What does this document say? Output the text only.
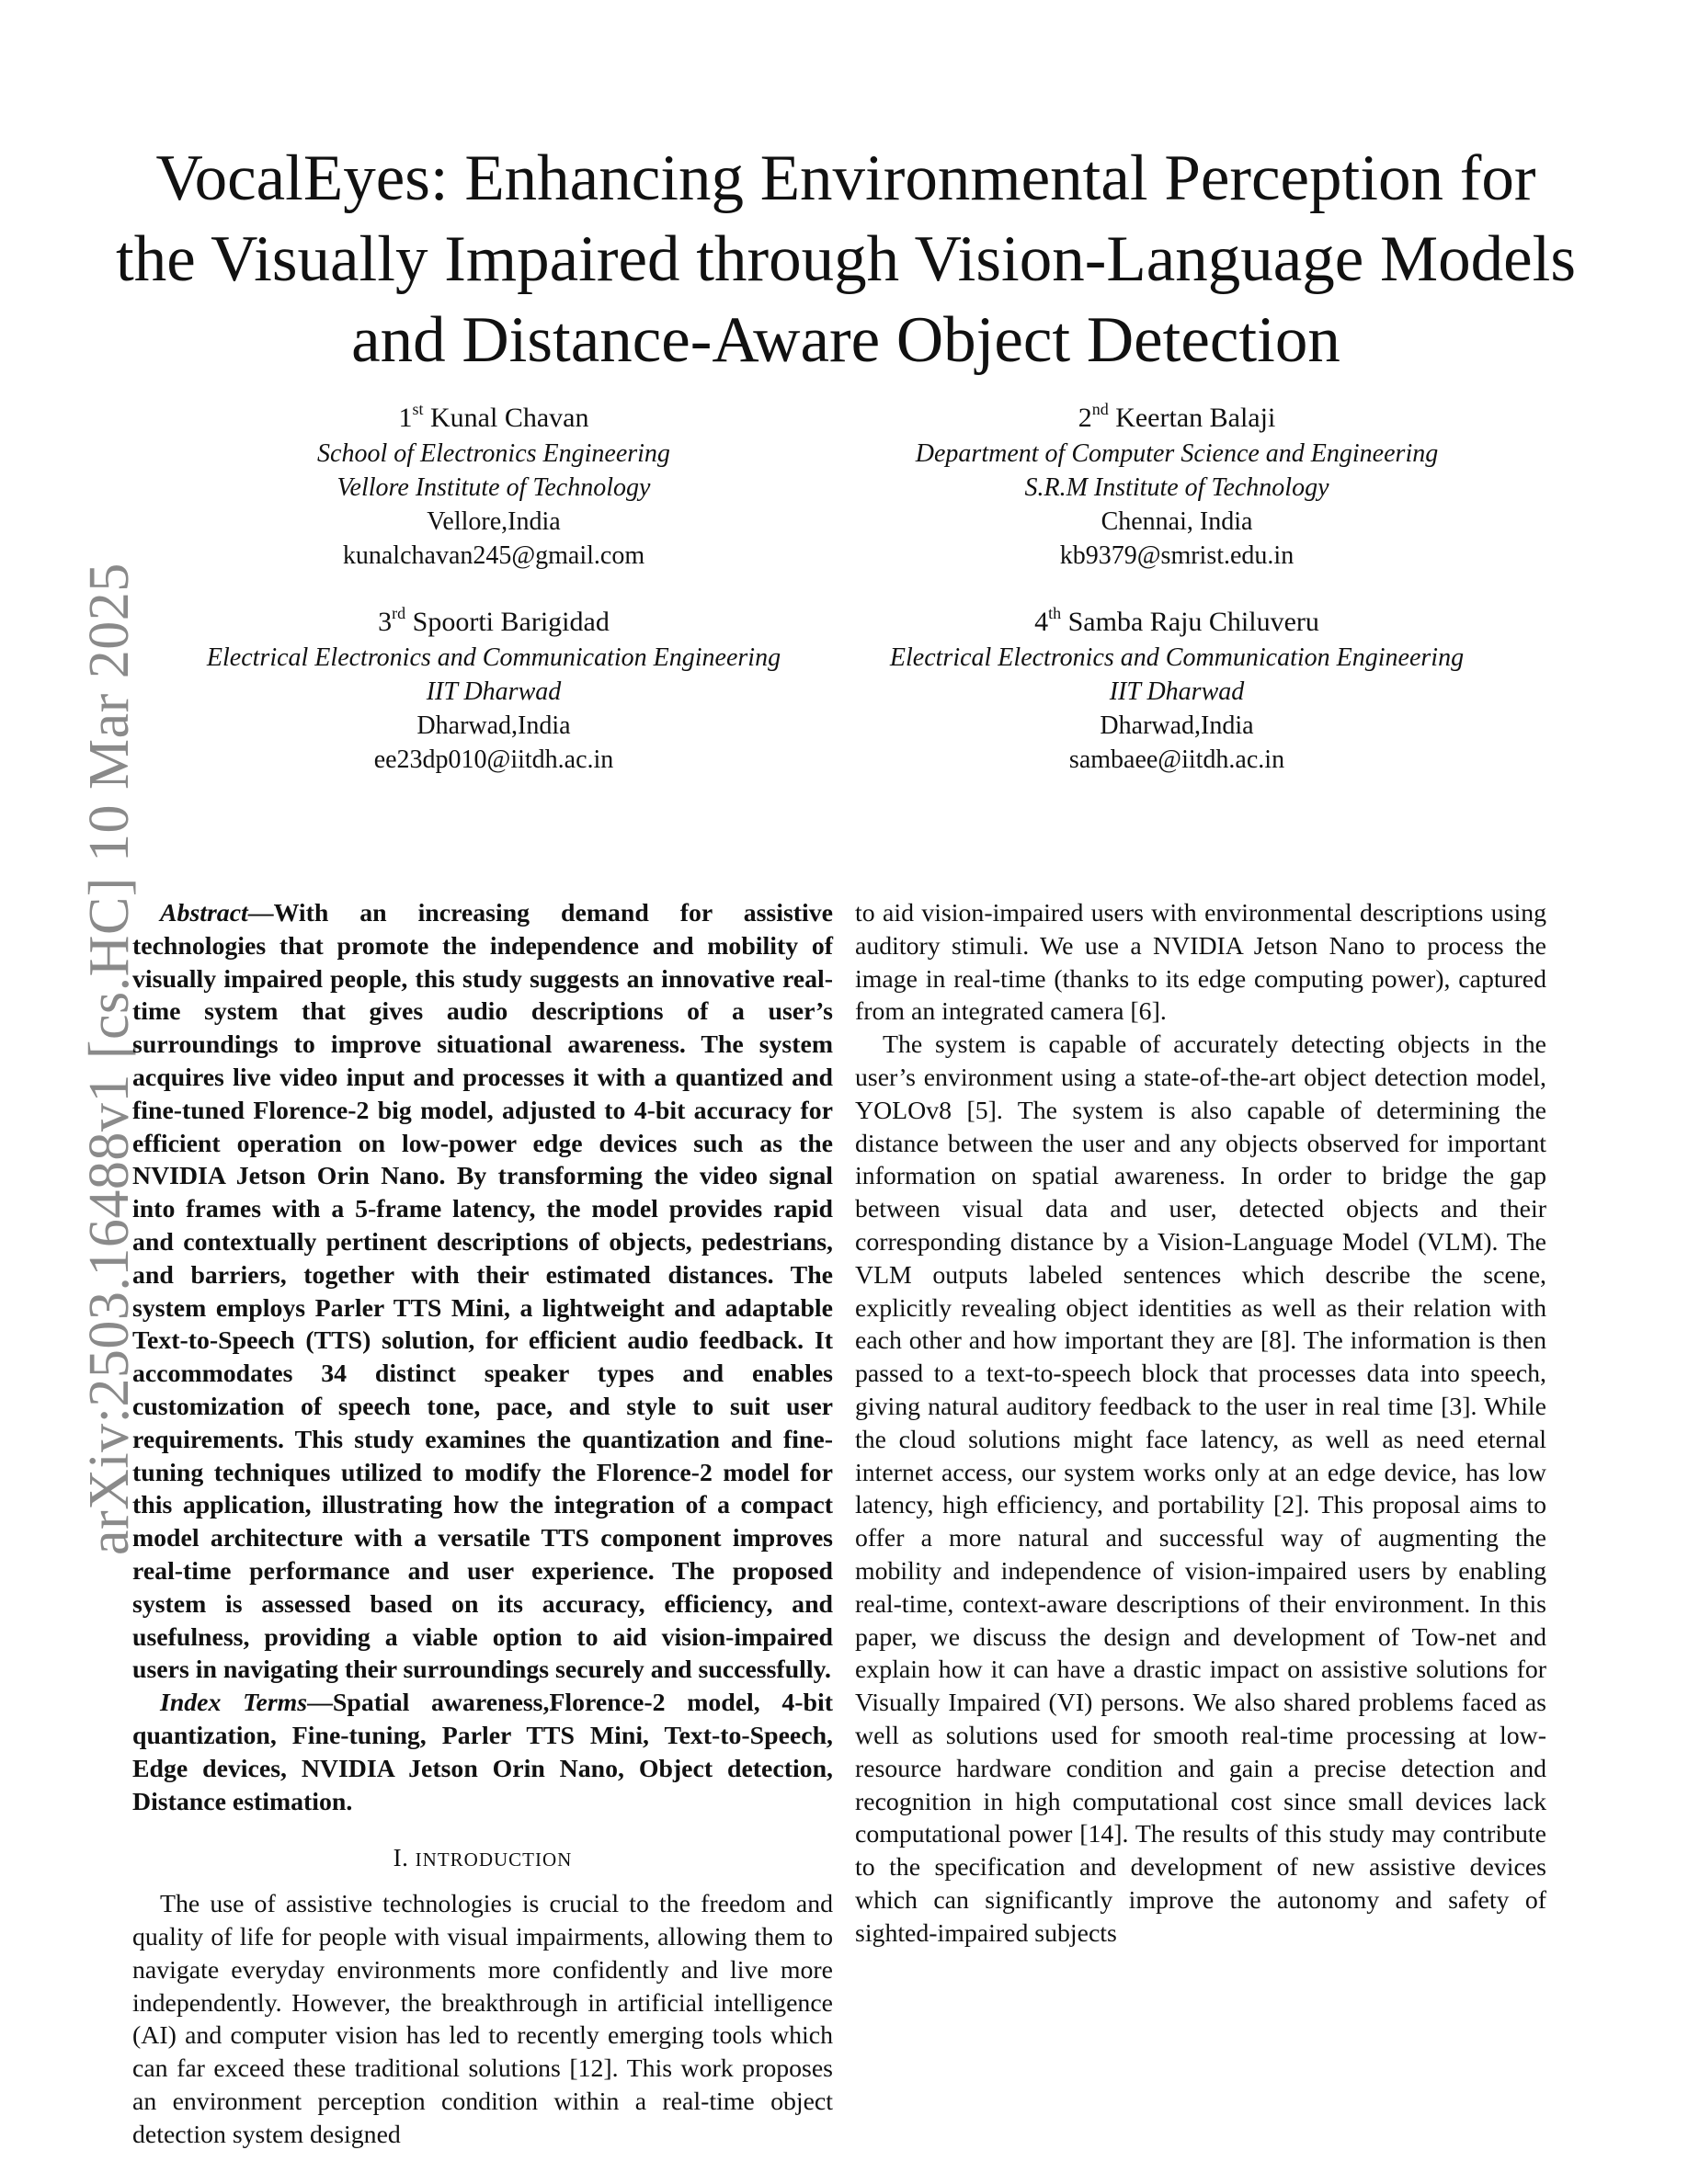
arXiv:2503.16488v1 [cs.HC] 10 Mar 2025
VocalEyes: Enhancing Environmental Perception for the Visually Impaired through Vision-Language Models and Distance-Aware Object Detection
1st Kunal Chavan
School of Electronics Engineering
Vellore Institute of Technology
Vellore,India
kunalchavan245@gmail.com
2nd Keertan Balaji
Department of Computer Science and Engineering
S.R.M Institute of Technology
Chennai, India
kb9379@smrist.edu.in
3rd Spoorti Barigidad
Electrical Electronics and Communication Engineering
IIT Dharwad
Dharwad,India
ee23dp010@iitdh.ac.in
4th Samba Raju Chiluveru
Electrical Electronics and Communication Engineering
IIT Dharwad
Dharwad,India
sambaee@iitdh.ac.in

Abstract—With an increasing demand for assistive technologies that promote the independence and mobility of visually impaired people, this study suggests an innovative real-time system that gives audio descriptions of a user’s surroundings to improve situational awareness. The system acquires live video input and processes it with a quantized and fine-tuned Florence-2 big model, adjusted to 4-bit accuracy for efficient operation on low-power edge devices such as the NVIDIA Jetson Orin Nano. By transforming the video signal into frames with a 5-frame latency, the model provides rapid and contextually pertinent descriptions of objects, pedestrians, and barriers, together with their estimated distances. The system employs Parler TTS Mini, a lightweight and adaptable Text-to-Speech (TTS) solution, for efficient audio feedback. It accommodates 34 distinct speaker types and enables customization of speech tone, pace, and style to suit user requirements. This study examines the quantization and fine-tuning techniques utilized to modify the Florence-2 model for this application, illustrating how the integration of a compact model architecture with a versatile TTS component improves real-time performance and user experience. The proposed system is assessed based on its accuracy, efficiency, and usefulness, providing a viable option to aid vision-impaired users in navigating their surroundings securely and successfully.

Index Terms—Spatial awareness,Florence-2 model, 4-bit quantization, Fine-tuning, Parler TTS Mini, Text-to-Speech, Edge devices, NVIDIA Jetson Orin Nano, Object detection, Distance estimation.

I. INTRODUCTION

The use of assistive technologies is crucial to the freedom and quality of life for people with visual impairments, allowing them to navigate everyday environments more confidently and live more independently. However, the breakthrough in artificial intelligence (AI) and computer vision has led to recently emerging tools which can far exceed these traditional solutions [12]. This work proposes an environment perception condition within a real-time object detection system designed

to aid vision-impaired users with environmental descriptions using auditory stimuli. We use a NVIDIA Jetson Nano to process the image in real-time (thanks to its edge computing power), captured from an integrated camera [6].

The system is capable of accurately detecting objects in the user’s environment using a state-of-the-art object detection model, YOLOv8 [5]. The system is also capable of determining the distance between the user and any objects observed for important information on spatial awareness. In order to bridge the gap between visual data and user, detected objects and their corresponding distance by a Vision-Language Model (VLM). The VLM outputs labeled sentences which describe the scene, explicitly revealing object identities as well as their relation with each other and how important they are [8]. The information is then passed to a text-to-speech block that processes data into speech, giving natural auditory feedback to the user in real time [3]. While the cloud solutions might face latency, as well as need eternal internet access, our system works only at an edge device, has low latency, high efficiency, and portability [2]. This proposal aims to offer a more natural and successful way of augmenting the mobility and independence of vision-impaired users by enabling real-time, context-aware descriptions of their environment. In this paper, we discuss the design and development of Tow-net and explain how it can have a drastic impact on assistive solutions for Visually Impaired (VI) persons. We also shared problems faced as well as solutions used for smooth real-time processing at low-resource hardware condition and gain a precise detection and recognition in high computational cost since small devices lack computational power [14]. The results of this study may contribute to the specification and development of new assistive devices which can significantly improve the autonomy and safety of sighted-impaired subjects
